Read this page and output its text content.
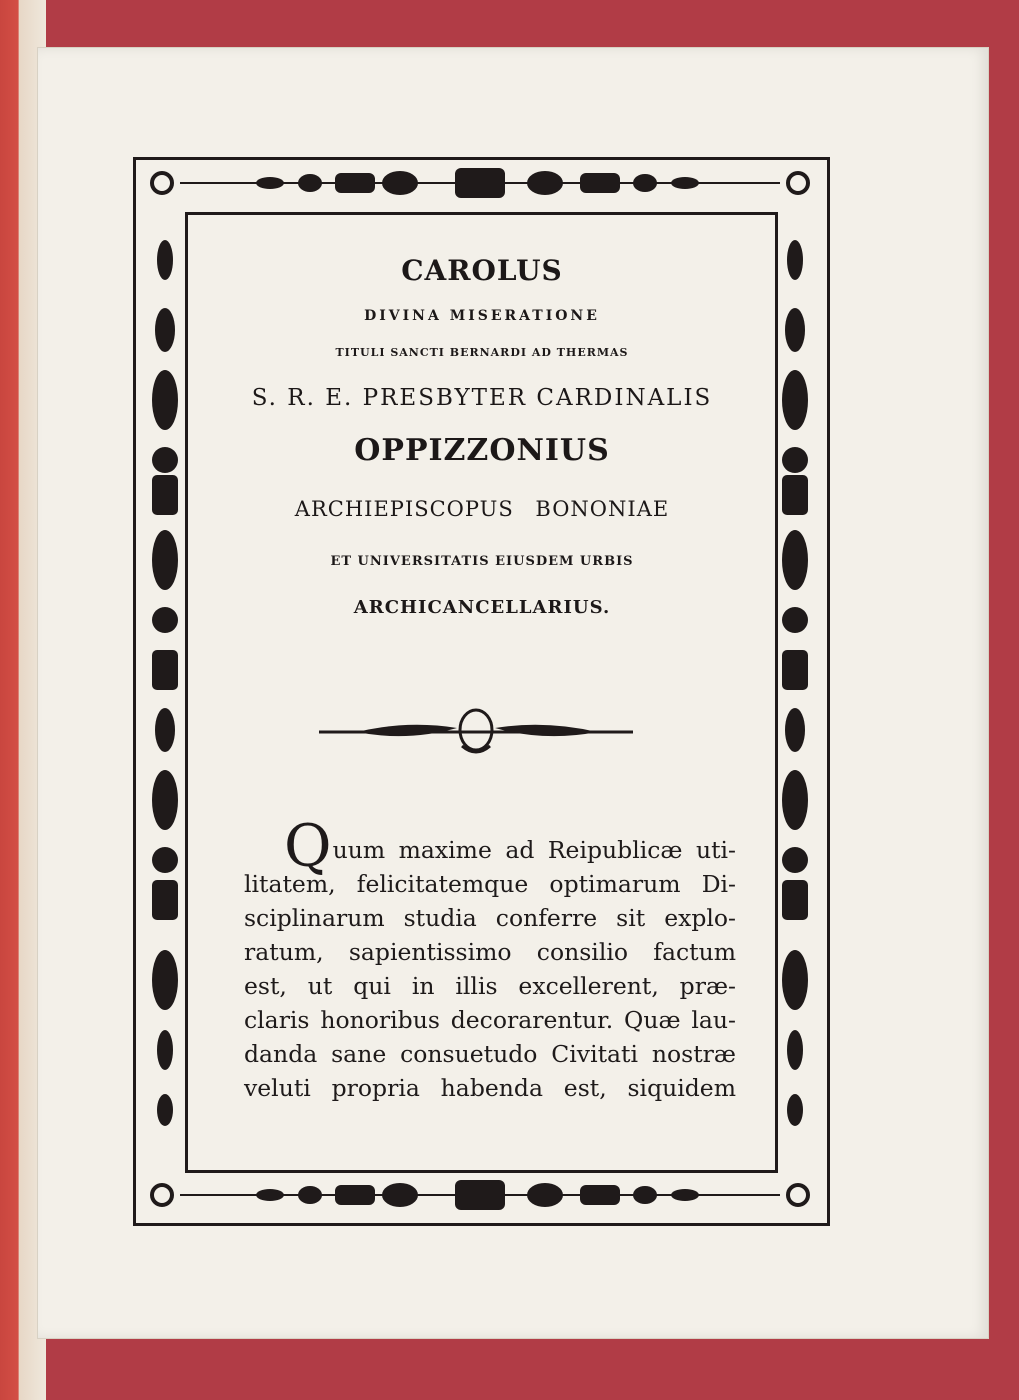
CAROLUS
DIVINA MISERATIONE
TITULI SANCTI BERNARDI AD THERMAS
S. R. E. PRESBYTER CARDINALIS
OPPIZZONIUS
ARCHIEPISCOPUS BONONIAE
ET UNIVERSITATIS EIUSDEM URBIS
ARCHICANCELLARIUS.
Quum maxime ad Reipublicæ uti-
litatem, felicitatemque optimarum Di-
sciplinarum studia conferre sit explo-
ratum, sapientissimo consilio factum
est, ut qui in illis excellerent, præ-
claris honoribus decorarentur. Quæ lau-
danda sane consuetudo Civitati nostræ
veluti propria habenda est, siquidem
